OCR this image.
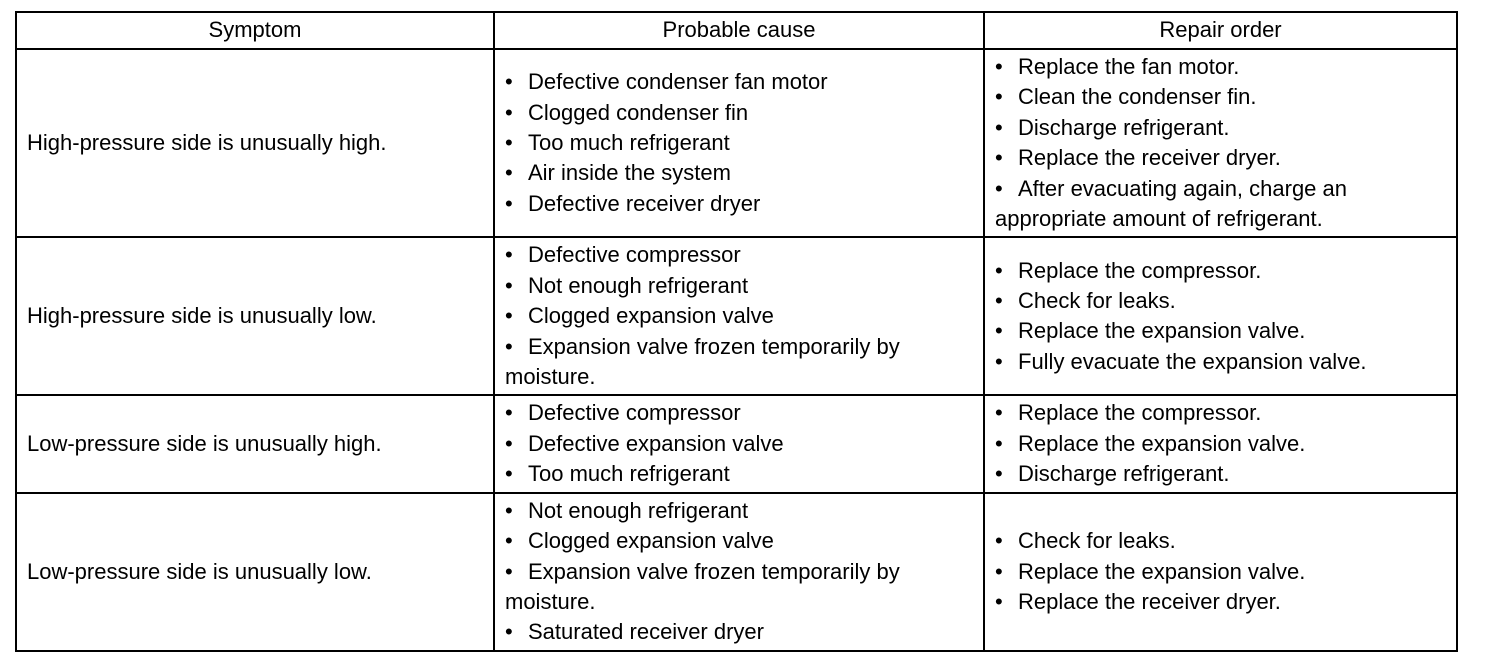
Symptom	Probable cause	Repair order
High-pressure side is unusually high.	• Defective condenser fan motor
• Clogged condenser fin
• Too much refrigerant
• Air inside the system
• Defective receiver dryer	• Replace the fan motor.
• Clean the condenser fin.
• Discharge refrigerant.
• Replace the receiver dryer.
• After evacuating again, charge an appropriate amount of refrigerant.

High-pressure side is unusually low.	• Defective compressor
• Not enough refrigerant
• Clogged expansion valve
• Expansion valve frozen temporarily by moisture.	• Replace the compressor.
• Check for leaks.
• Replace the expansion valve.
• Fully evacuate the expansion valve.

Low-pressure side is unusually high.	• Defective compressor
• Defective expansion valve
• Too much refrigerant	• Replace the compressor.
• Replace the expansion valve.
• Discharge refrigerant.

Low-pressure side is unusually low.	• Not enough refrigerant
• Clogged expansion valve
• Expansion valve frozen temporarily by moisture.
• Saturated receiver dryer	• Check for leaks.
• Replace the expansion valve.
• Replace the receiver dryer.
